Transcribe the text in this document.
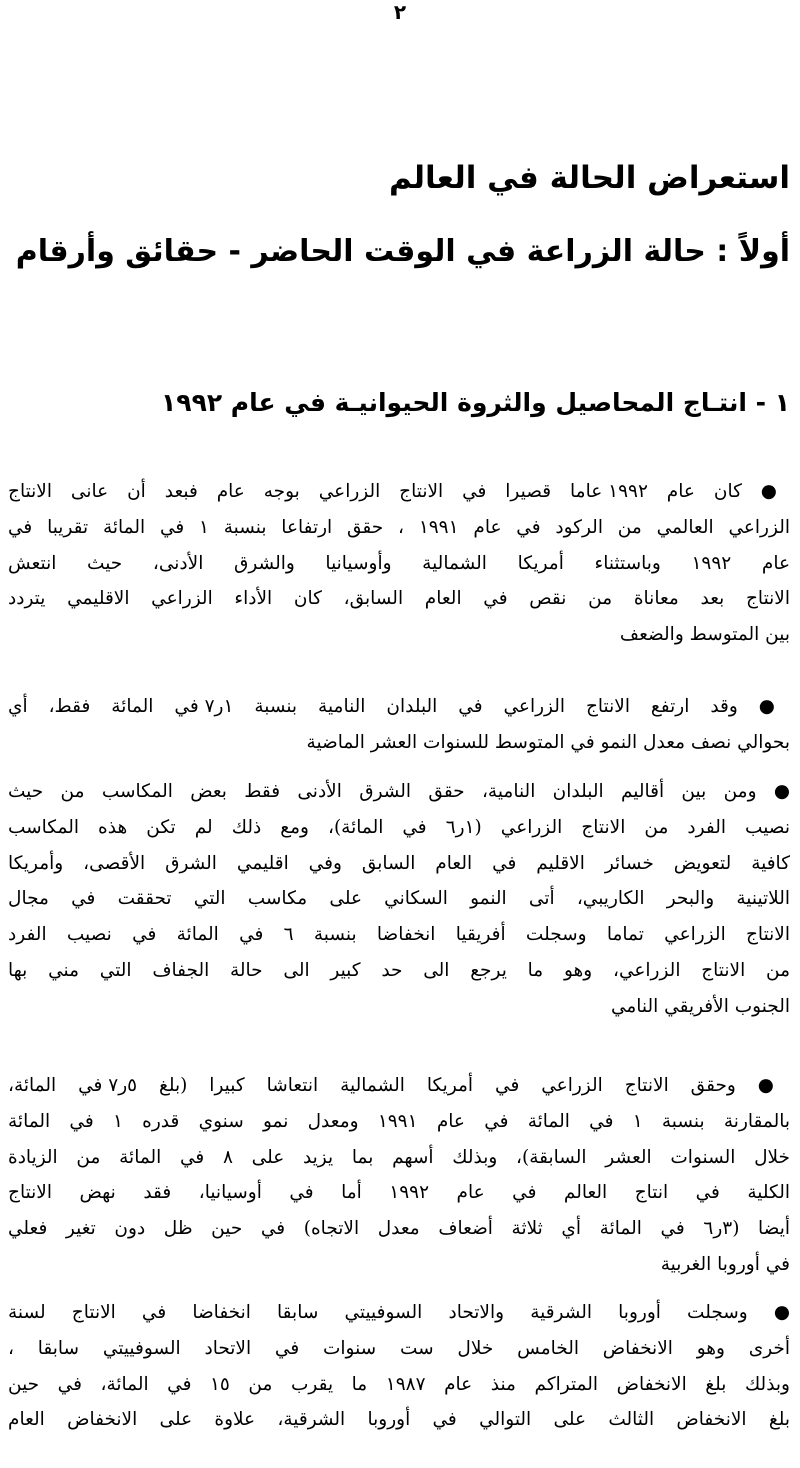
٢
استعراض الحالة في العالم
أولاً : حالة الزراعة في الوقت الحاضر - حقائق وأرقام
١ - انتـاج المحاصيل والثروة الحيوانيـة في عام ١٩٩٢
● كان عام ١٩٩٢ عاما قصيرا في الانتاج الزراعي بوجه عام فبعد أن عانى الانتاج
الزراعي العالمي من الركود في عام ١٩٩١ ، حقق ارتفاعا بنسبة ١ في المائة تقريبا في
عام ١٩٩٢ وباستثناء أمريكا الشمالية وأوسيانيا والشرق الأدنى، حيث انتعش
الانتاج بعد معاناة من نقص في العام السابق، كان الأداء الزراعي الاقليمي يتردد
بين المتوسط والضعف
● وقد ارتفع الانتاج الزراعي في البلدان النامية بنسبة ١ر٧ في المائة فقط، أي
بحوالي نصف معدل النمو في المتوسط للسنوات العشر الماضية
● ومن بين أقاليم البلدان النامية، حقق الشرق الأدنى فقط بعض المكاسب من حيث
نصيب الفرد من الانتاج الزراعي (١ر٦ في المائة)، ومع ذلك لم تكن هذه المكاسب
كافية لتعويض خسائر الاقليم في العام السابق وفي اقليمي الشرق الأقصى، وأمريكا
اللاتينية والبحر الكاريبي، أتى النمو السكاني على مكاسب التي تحققت في مجال
الانتاج الزراعي تماما وسجلت أفريقيا انخفاضا بنسبة ٦ في المائة في نصيب الفرد
من الانتاج الزراعي، وهو ما يرجع الى حد كبير الى حالة الجفاف التي مني بها
الجنوب الأفريقي النامي
● وحقق الانتاج الزراعي في أمريكا الشمالية انتعاشا كبيرا (بلغ ٥ر٧ في المائة،
بالمقارنة بنسبة ١ في المائة في عام ١٩٩١ ومعدل نمو سنوي قدره ١ في المائة
خلال السنوات العشر السابقة)، وبذلك أسهم بما يزيد على ٨ في المائة من الزيادة
الكلية في انتاج العالم في عام ١٩٩٢ أما في أوسيانيا، فقد نهض الانتاج
أيضا (٣ر٦ في المائة أي ثلاثة أضعاف معدل الاتجاه) في حين ظل دون تغير فعلي
في أوروبا الغربية
● وسجلت أوروبا الشرقية والاتحاد السوفييتي سابقا انخفاضا في الانتاج لسنة
أخرى وهو الانخفاض الخامس خلال ست سنوات في الاتحاد السوفييتي سابقا ،
وبذلك بلغ الانخفاض المتراكم منذ عام ١٩٨٧ ما يقرب من ١٥ في المائة، في حين
بلغ الانخفاض الثالث على التوالي في أوروبا الشرقية، علاوة على الانخفاض العام
